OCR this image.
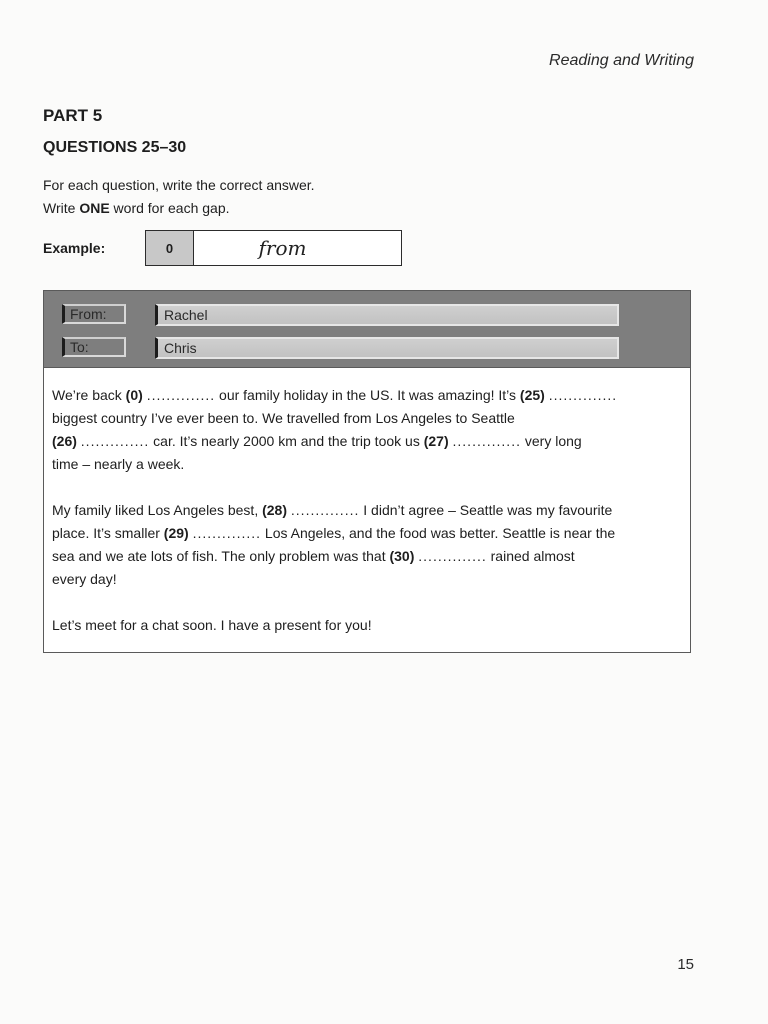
Reading and Writing
PART 5
QUESTIONS 25–30

For each question, write the correct answer.

Write ONE word for each gap.

Example:	0	from
From:	Rachel
To:	Chris

We’re back (0) .............. our family holiday in the US. It was amazing! It’s (25) ..............
biggest country I’ve ever been to. We travelled from Los Angeles to Seattle
(26) .............. car. It’s nearly 2000 km and the trip took us (27) .............. very long
time – nearly a week.

My family liked Los Angeles best, (28) .............. I didn’t agree – Seattle was my favourite
place. It’s smaller (29) .............. Los Angeles, and the food was better. Seattle is near the
sea and we ate lots of fish. The only problem was that (30) .............. rained almost
every day!

Let’s meet for a chat soon. I have a present for you!

15
